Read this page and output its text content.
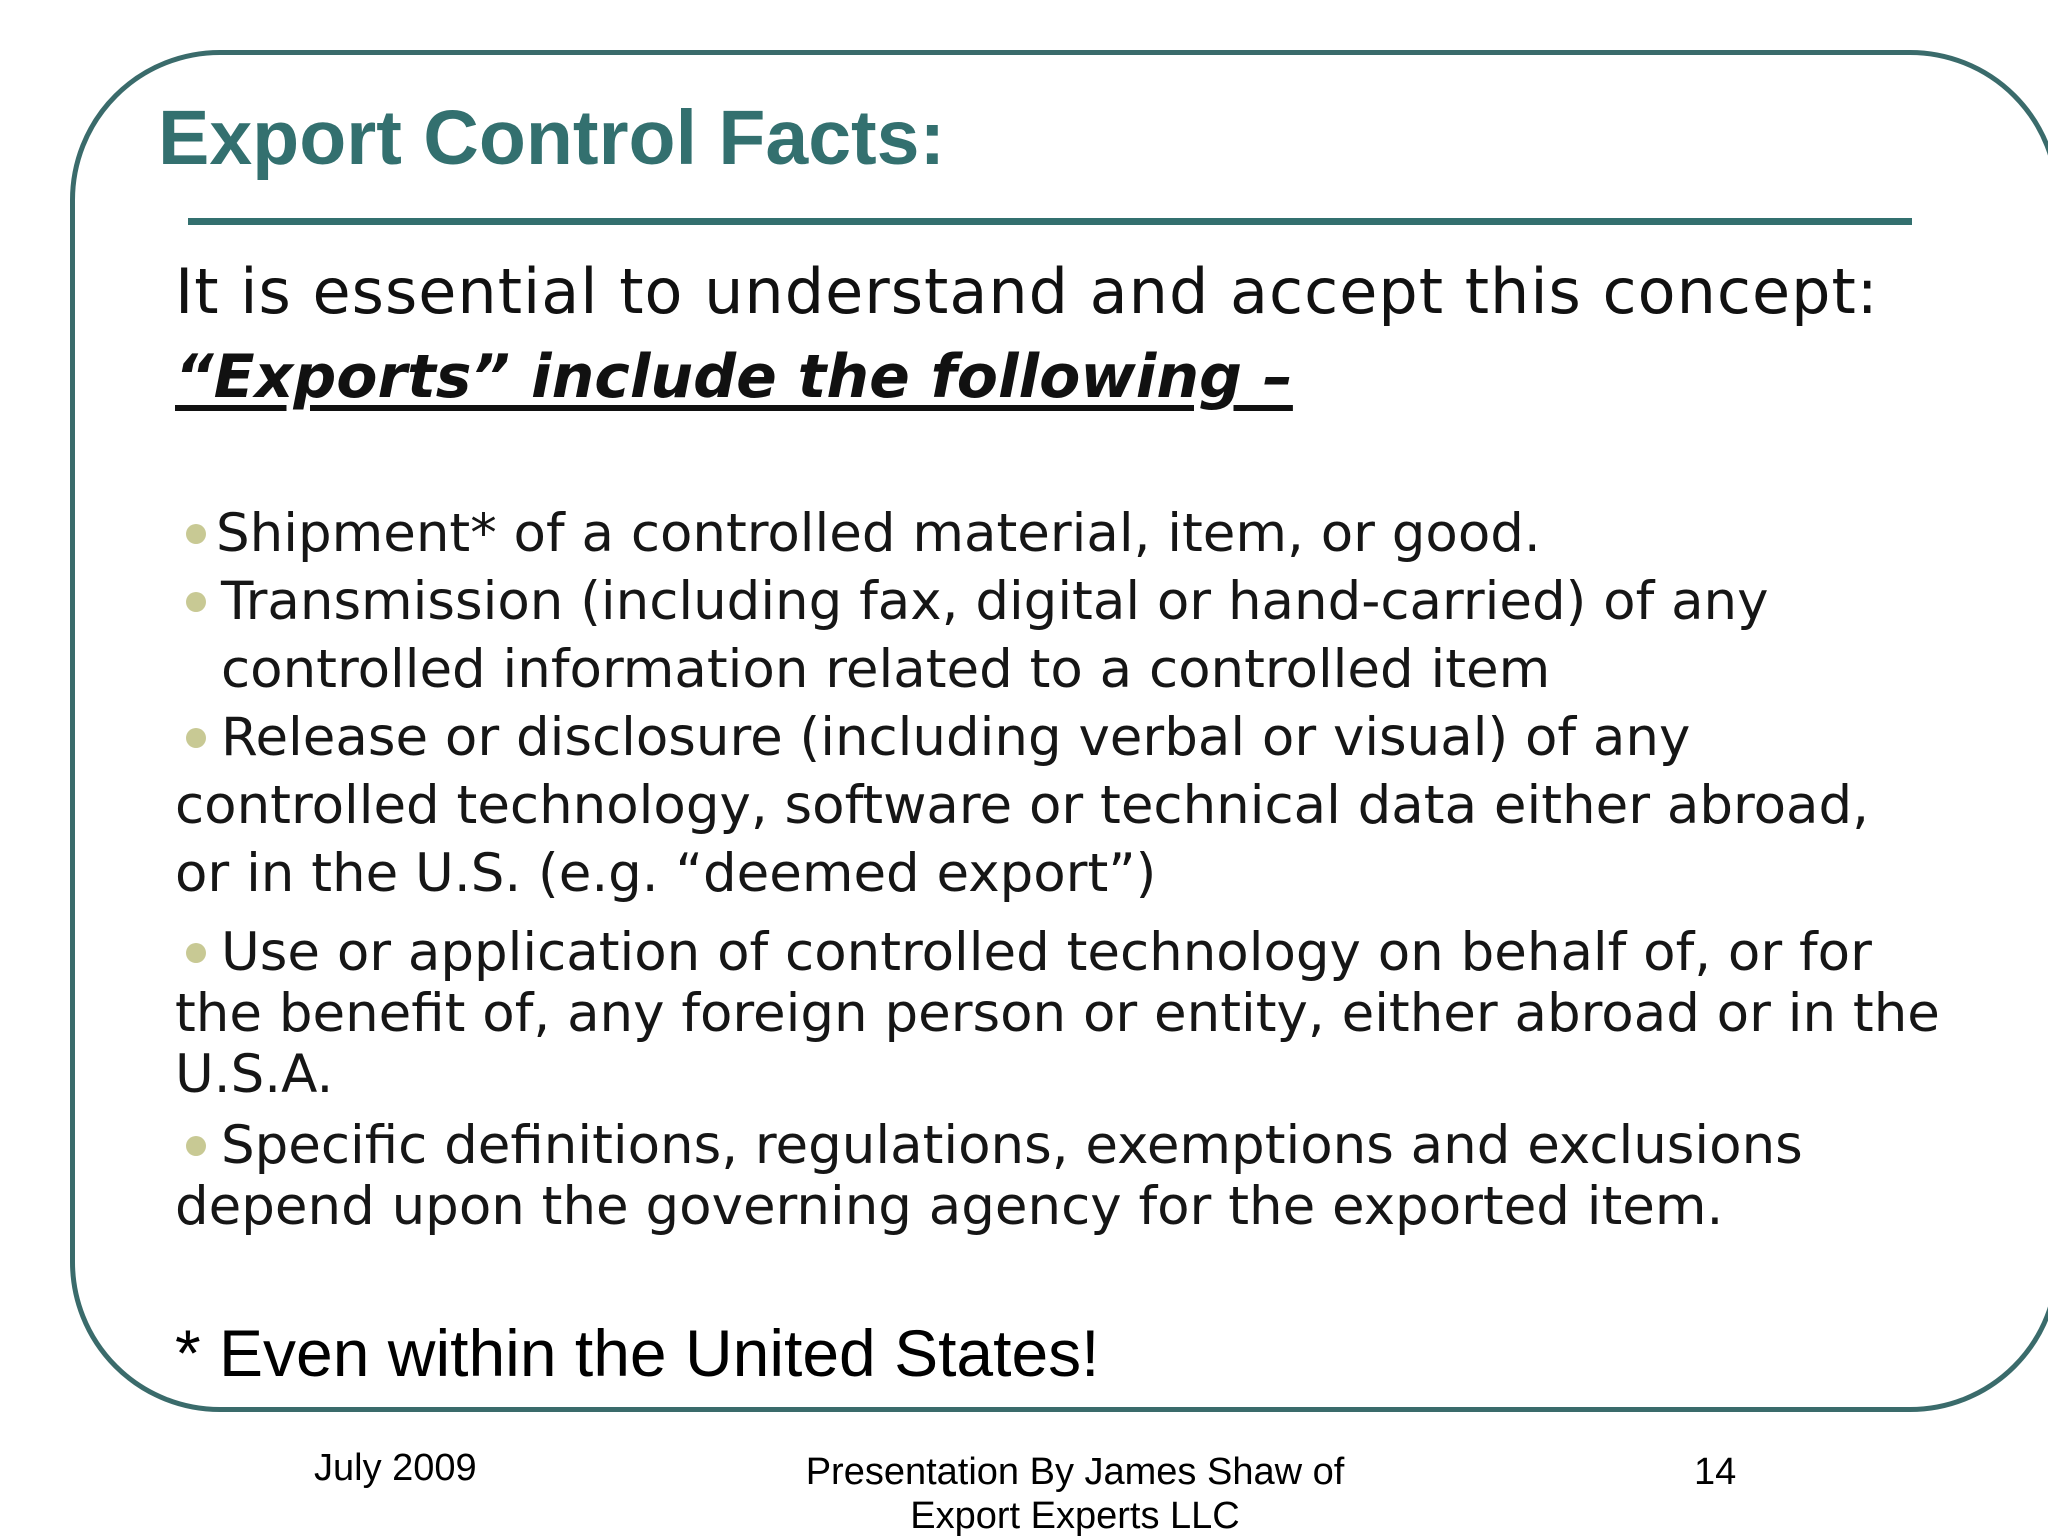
Export Control Facts:
It is essential to understand and accept this concept:
“Exports” include the following –
Shipment* of a controlled material, item, or good.
Transmission (including fax, digital or hand-carried) of any
controlled information related to a controlled item
Release or disclosure (including verbal or visual) of any
controlled technology, software or technical data either abroad,
or in the U.S. (e.g. “deemed export”)
Use or application of controlled technology on behalf of, or for
the benefit of, any foreign person or entity, either abroad or in the
U.S.A.
Specific definitions, regulations, exemptions and exclusions
depend upon the governing agency for the exported item.
* Even within the United States!
July 2009	Presentation By James Shaw of
Export Experts LLC
14
